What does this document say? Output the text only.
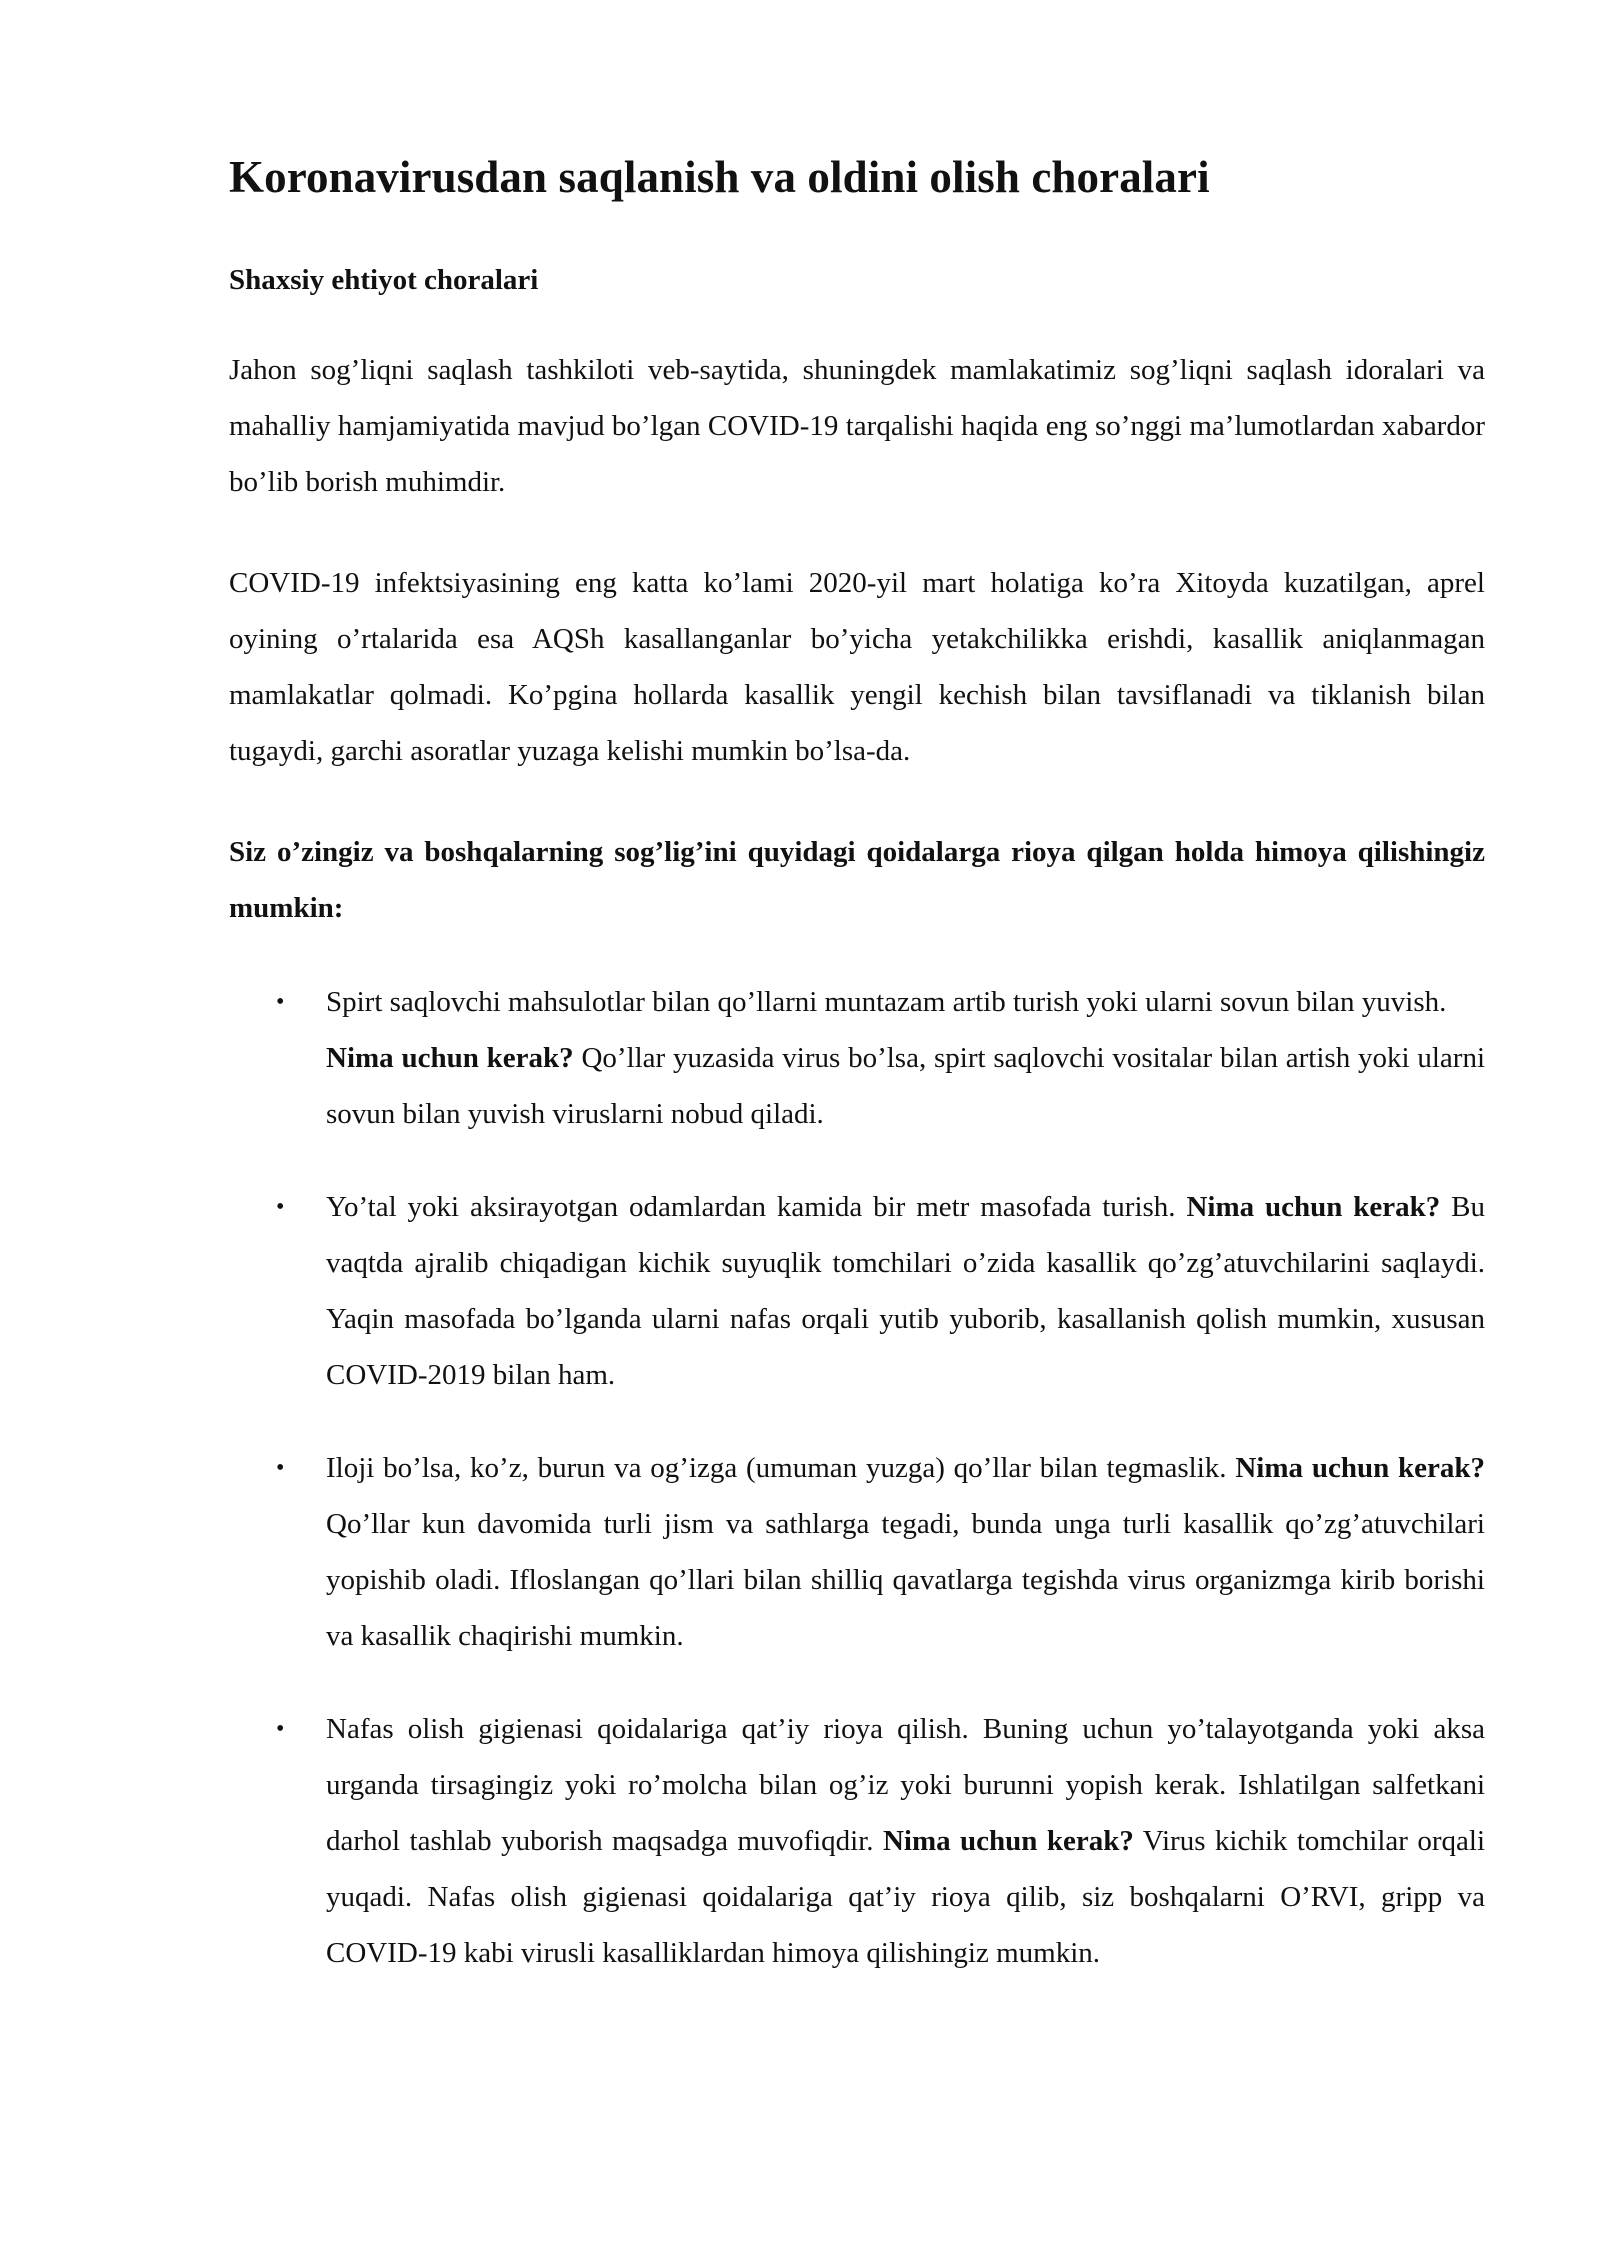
Koronavirusdan saqlanish va oldini olish choralari
Shaxsiy ehtiyot choralari

Jahon sog’liqni saqlash tashkiloti veb-saytida, shuningdek mamlakatimiz sog’liqni saqlash idoralari va mahalliy hamjamiyatida mavjud bo’lgan COVID-19 tarqalishi haqida eng so’nggi ma’lumotlardan xabardor bo’lib borish muhimdir.

COVID-19 infektsiyasining eng katta ko’lami 2020-yil mart holatiga ko’ra Xitoyda kuzatilgan, aprel oyining o’rtalarida esa AQSh kasallanganlar bo’yicha yetakchilikka erishdi, kasallik aniqlanmagan mamlakatlar qolmadi. Ko’pgina hollarda kasallik yengil kechish bilan tavsiflanadi va tiklanish bilan tugaydi, garchi asoratlar yuzaga kelishi mumkin bo’lsa-da.

Siz o’zingiz va boshqalarning sog’lig’ini quyidagi qoidalarga rioya qilgan holda himoya qilishingiz mumkin:

• Spirt saqlovchi mahsulotlar bilan qo’llarni muntazam artib turish yoki ularni sovun bilan yuvish.
Nima uchun kerak? Qo’llar yuzasida virus bo’lsa, spirt saqlovchi vositalar bilan artish yoki ularni sovun bilan yuvish viruslarni nobud qiladi.
• Yo’tal yoki aksirayotgan odamlardan kamida bir metr masofada turish. Nima uchun kerak? Bu vaqtda ajralib chiqadigan kichik suyuqlik tomchilari o’zida kasallik qo’zg’atuvchilarini saqlaydi. Yaqin masofada bo’lganda ularni nafas orqali yutib yuborib, kasallanish qolish mumkin, xususan COVID-2019 bilan ham.
• Iloji bo’lsa, ko’z, burun va og’izga (umuman yuzga) qo’llar bilan tegmaslik. Nima uchun kerak? Qo’llar kun davomida turli jism va sathlarga tegadi, bunda unga turli kasallik qo’zg’atuvchilari yopishib oladi. Ifloslangan qo’llari bilan shilliq qavatlarga tegishda virus organizmga kirib borishi va kasallik chaqirishi mumkin.
• Nafas olish gigienasi qoidalariga qat’iy rioya qilish. Buning uchun yo’talayotganda yoki aksa urganda tirsagingiz yoki ro’molcha bilan og’iz yoki burunni yopish kerak. Ishlatilgan salfetkani darhol tashlab yuborish maqsadga muvofiqdir. Nima uchun kerak? Virus kichik tomchilar orqali yuqadi. Nafas olish gigienasi qoidalariga qat’iy rioya qilib, siz boshqalarni O’RVI, gripp va COVID-19 kabi virusli kasalliklardan himoya qilishingiz mumkin.
